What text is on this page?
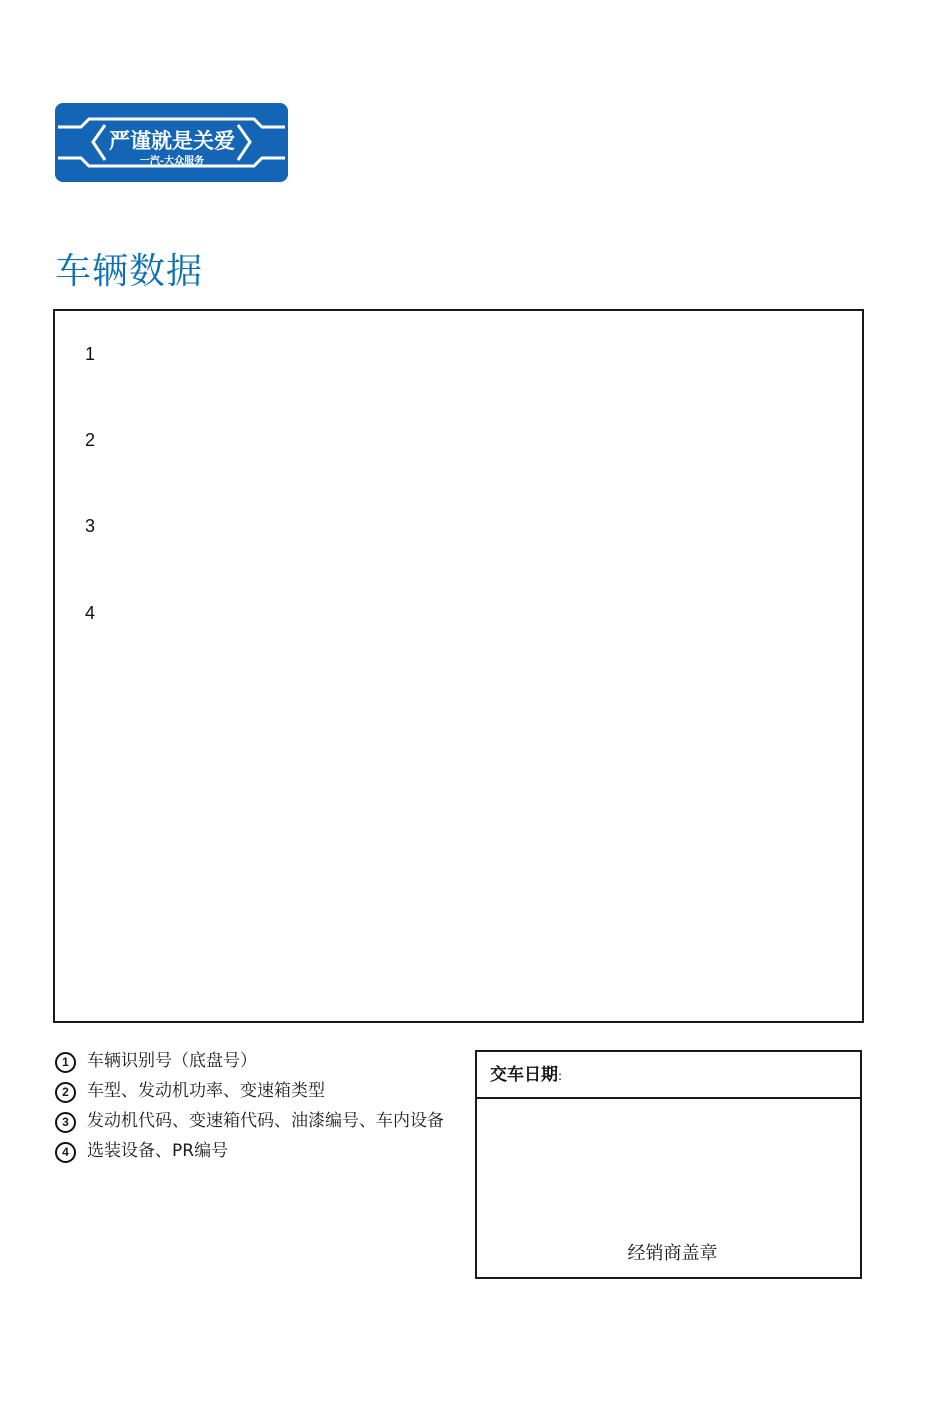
严谨就是关爱
一汽-大众服务
车辆数据
1
2
3
4
1	车辆识别号（底盘号）
2	车型、发动机功率、变速箱类型
3	发动机代码、变速箱代码、油漆编号、车内设备
4	选装设备、PR编号
交车日期:
经销商盖章
